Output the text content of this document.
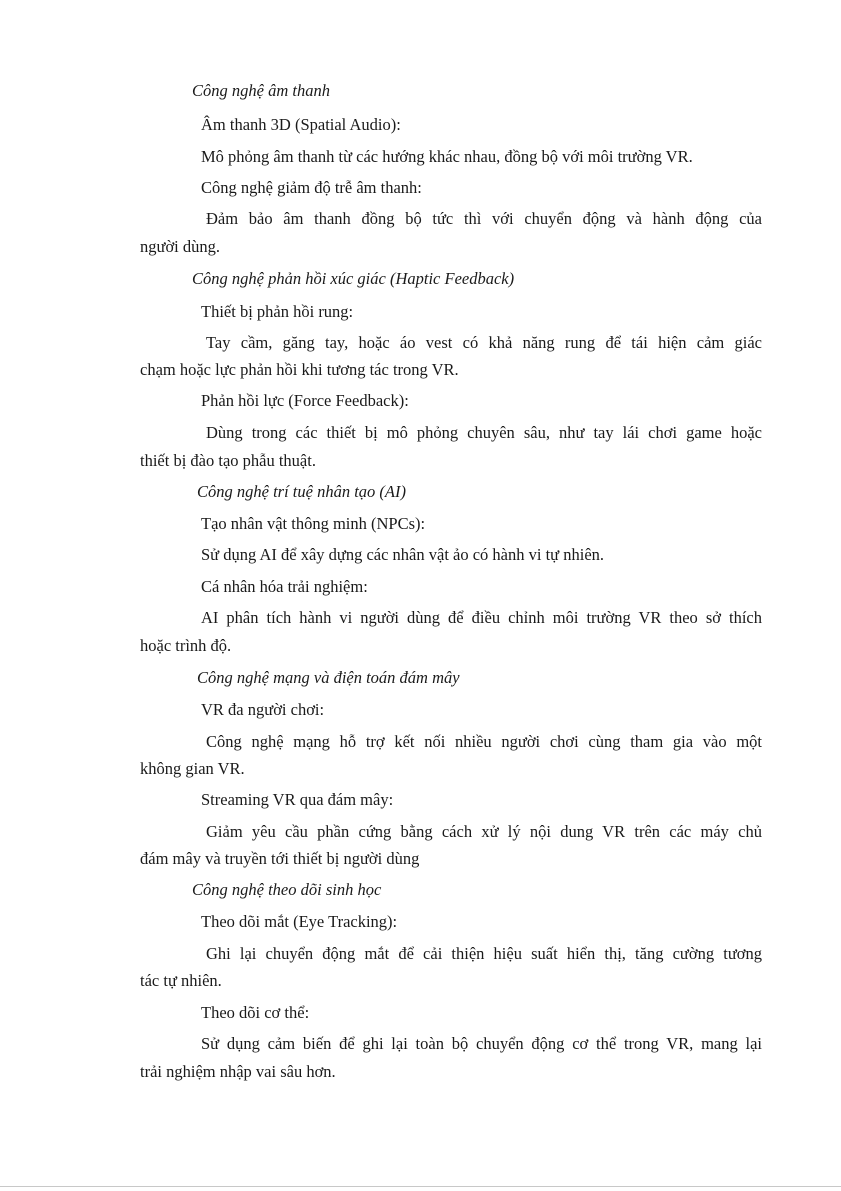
Công nghệ âm thanh
Âm thanh 3D (Spatial Audio):
Mô phỏng âm thanh từ các hướng khác nhau, đồng bộ với môi trường VR.
Công nghệ giảm độ trễ âm thanh:
Đảm bảo âm thanh đồng bộ tức thì với chuyển động và hành động của
người dùng.
Công nghệ phản hồi xúc giác (Haptic Feedback)
Thiết bị phản hồi rung:
Tay cầm, găng tay, hoặc áo vest có khả năng rung để tái hiện cảm giác
chạm hoặc lực phản hồi khi tương tác trong VR.
Phản hồi lực (Force Feedback):
Dùng trong các thiết bị mô phỏng chuyên sâu, như tay lái chơi game hoặc
thiết bị đào tạo phẫu thuật.
Công nghệ trí tuệ nhân tạo (AI)
Tạo nhân vật thông minh (NPCs):
Sử dụng AI để xây dựng các nhân vật ảo có hành vi tự nhiên.
Cá nhân hóa trải nghiệm:
AI phân tích hành vi người dùng để điều chỉnh môi trường VR theo sở thích
hoặc trình độ.
Công nghệ mạng và điện toán đám mây
VR đa người chơi:
Công nghệ mạng hỗ trợ kết nối nhiều người chơi cùng tham gia vào một
không gian VR.
Streaming VR qua đám mây:
Giảm yêu cầu phần cứng bằng cách xử lý nội dung VR trên các máy chủ
đám mây và truyền tới thiết bị người dùng
Công nghệ theo dõi sinh học
Theo dõi mắt (Eye Tracking):
Ghi lại chuyển động mắt để cải thiện hiệu suất hiển thị, tăng cường tương
tác tự nhiên.
Theo dõi cơ thể:
Sử dụng cảm biến để ghi lại toàn bộ chuyển động cơ thể trong VR, mang lại
trải nghiệm nhập vai sâu hơn.
